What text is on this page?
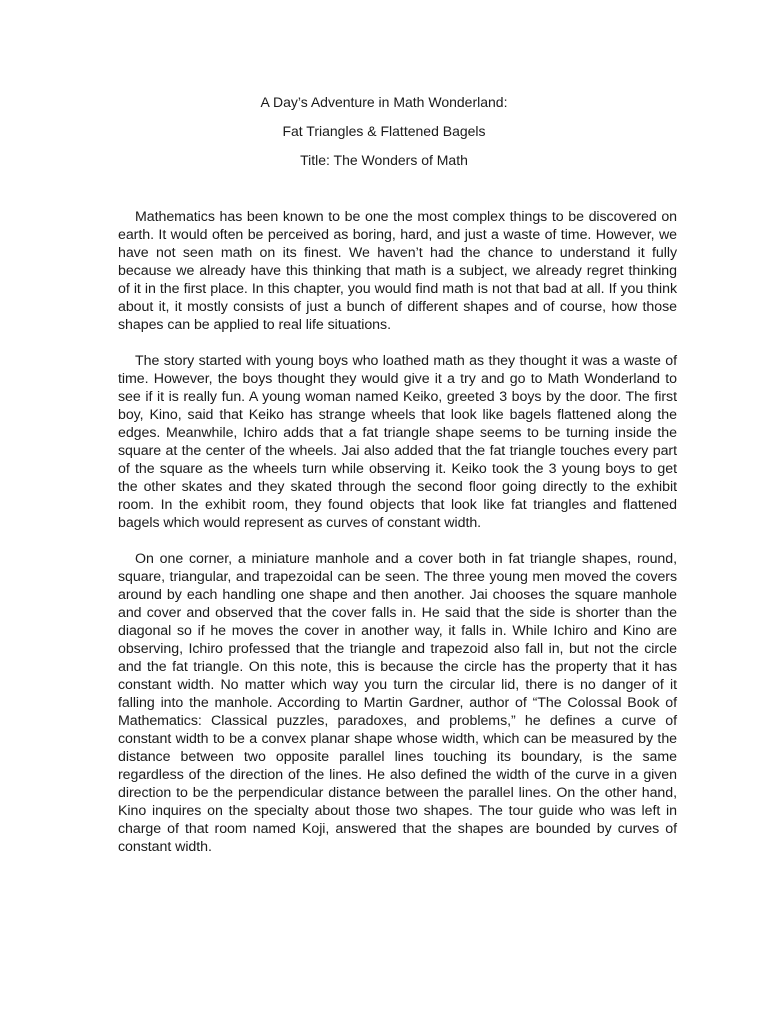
A Day’s Adventure in Math Wonderland:
Fat Triangles & Flattened Bagels
Title: The Wonders of Math

Mathematics has been known to be one the most complex things to be discovered on earth. It would often be perceived as boring, hard, and just a waste of time. However, we have not seen math on its finest. We haven’t had the chance to understand it fully because we already have this thinking that math is a subject, we already regret thinking of it in the first place. In this chapter, you would find math is not that bad at all. If you think about it, it mostly consists of just a bunch of different shapes and of course, how those shapes can be applied to real life situations.

The story started with young boys who loathed math as they thought it was a waste of time. However, the boys thought they would give it a try and go to Math Wonderland to see if it is really fun. A young woman named Keiko, greeted 3 boys by the door. The first boy, Kino, said that Keiko has strange wheels that look like bagels flattened along the edges. Meanwhile, Ichiro adds that a fat triangle shape seems to be turning inside the square at the center of the wheels. Jai also added that the fat triangle touches every part of the square as the wheels turn while observing it. Keiko took the 3 young boys to get the other skates and they skated through the second floor going directly to the exhibit room. In the exhibit room, they found objects that look like fat triangles and flattened bagels which would represent as curves of constant width.

On one corner, a miniature manhole and a cover both in fat triangle shapes, round, square, triangular, and trapezoidal can be seen. The three young men moved the covers around by each handling one shape and then another. Jai chooses the square manhole and cover and observed that the cover falls in. He said that the side is shorter than the diagonal so if he moves the cover in another way, it falls in. While Ichiro and Kino are observing, Ichiro professed that the triangle and trapezoid also fall in, but not the circle and the fat triangle. On this note, this is because the circle has the property that it has constant width. No matter which way you turn the circular lid, there is no danger of it falling into the manhole. According to Martin Gardner, author of “The Colossal Book of Mathematics: Classical puzzles, paradoxes, and problems,” he defines a curve of constant width to be a convex planar shape whose width, which can be measured by the distance between two opposite parallel lines touching its boundary, is the same regardless of the direction of the lines. He also defined the width of the curve in a given direction to be the perpendicular distance between the parallel lines. On the other hand, Kino inquires on the specialty about those two shapes. The tour guide who was left in charge of that room named Koji, answered that the shapes are bounded by curves of constant width.
